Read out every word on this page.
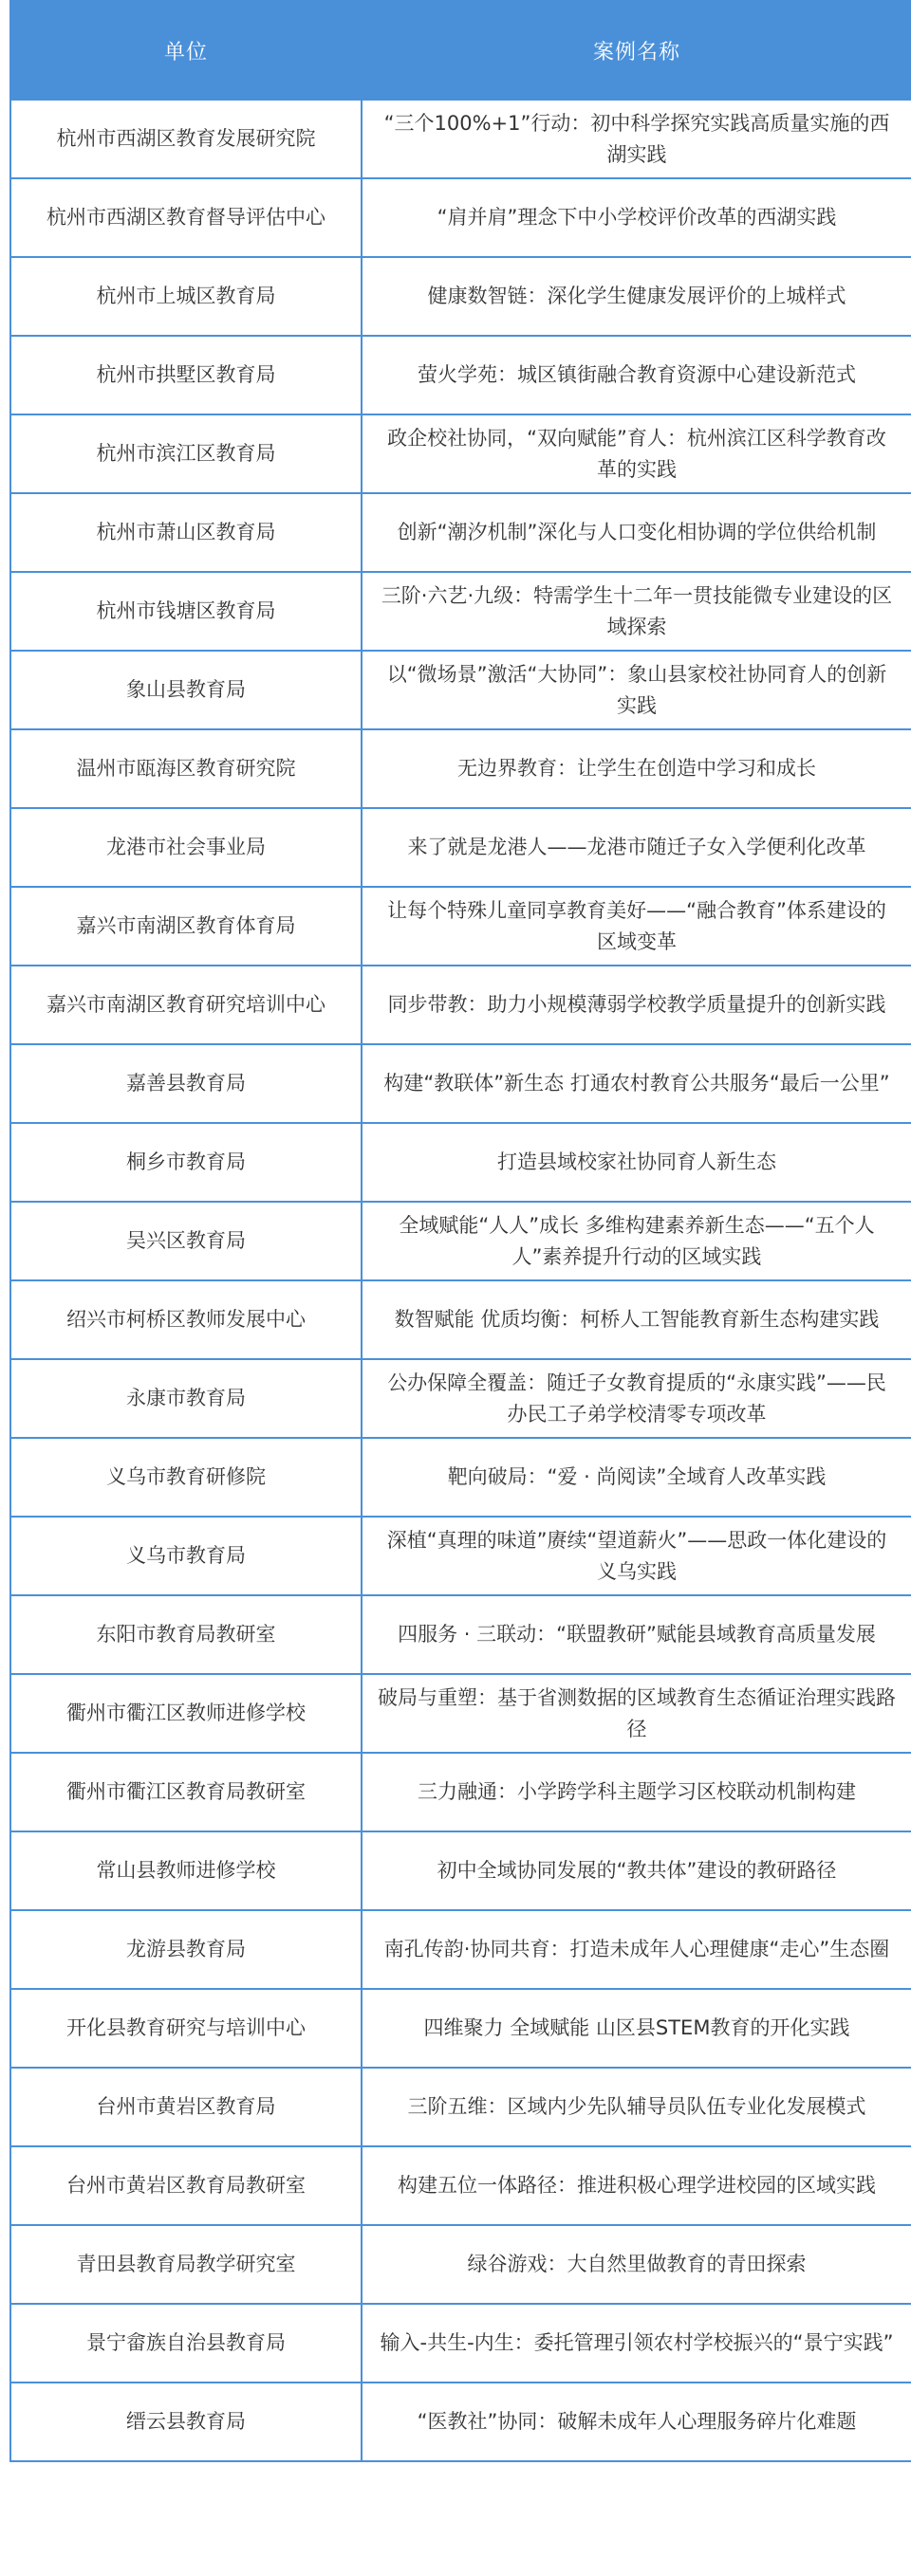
单位	案例名称
杭州市西湖区教育发展研究院	“三个100%+1”行动：初中科学探究实践高质量实施的西湖实践
杭州市西湖区教育督导评估中心	“肩并肩”理念下中小学校评价改革的西湖实践
杭州市上城区教育局	健康数智链：深化学生健康发展评价的上城样式
杭州市拱墅区教育局	萤火学苑：城区镇街融合教育资源中心建设新范式
杭州市滨江区教育局	政企校社协同，“双向赋能”育人：杭州滨江区科学教育改革的实践
杭州市萧山区教育局	创新“潮汐机制”深化与人口变化相协调的学位供给机制
杭州市钱塘区教育局	三阶·六艺·九级：特需学生十二年一贯技能微专业建设的区域探索
象山县教育局	以“微场景”激活“大协同”：象山县家校社协同育人的创新实践
温州市瓯海区教育研究院	无边界教育：让学生在创造中学习和成长
龙港市社会事业局	来了就是龙港人——龙港市随迁子女入学便利化改革
嘉兴市南湖区教育体育局	让每个特殊儿童同享教育美好——“融合教育”体系建设的区域变革
嘉兴市南湖区教育研究培训中心	同步带教：助力小规模薄弱学校教学质量提升的创新实践
嘉善县教育局	构建“教联体”新生态 打通农村教育公共服务“最后一公里”
桐乡市教育局	打造县域校家社协同育人新生态
吴兴区教育局	全域赋能“人人”成长 多维构建素养新生态——“五个人人”素养提升行动的区域实践
绍兴市柯桥区教师发展中心	数智赋能 优质均衡：柯桥人工智能教育新生态构建实践
永康市教育局	公办保障全覆盖：随迁子女教育提质的“永康实践”——民办民工子弟学校清零专项改革
义乌市教育研修院	靶向破局：“爱 · 尚阅读”全域育人改革实践
义乌市教育局	深植“真理的味道”赓续“望道薪火”——思政一体化建设的义乌实践
东阳市教育局教研室	四服务 · 三联动：“联盟教研”赋能县域教育高质量发展
衢州市衢江区教师进修学校	破局与重塑：基于省测数据的区域教育生态循证治理实践路径
衢州市衢江区教育局教研室	三力融通：小学跨学科主题学习区校联动机制构建
常山县教师进修学校	初中全域协同发展的“教共体”建设的教研路径
龙游县教育局	南孔传韵·协同共育：打造未成年人心理健康“走心”生态圈
开化县教育研究与培训中心	四维聚力 全域赋能 山区县STEM教育的开化实践
台州市黄岩区教育局	三阶五维：区域内少先队辅导员队伍专业化发展模式
台州市黄岩区教育局教研室	构建五位一体路径：推进积极心理学进校园的区域实践
青田县教育局教学研究室	绿谷游戏：大自然里做教育的青田探索
景宁畲族自治县教育局	输入-共生-内生：委托管理引领农村学校振兴的“景宁实践”
缙云县教育局	“医教社”协同：破解未成年人心理服务碎片化难题
